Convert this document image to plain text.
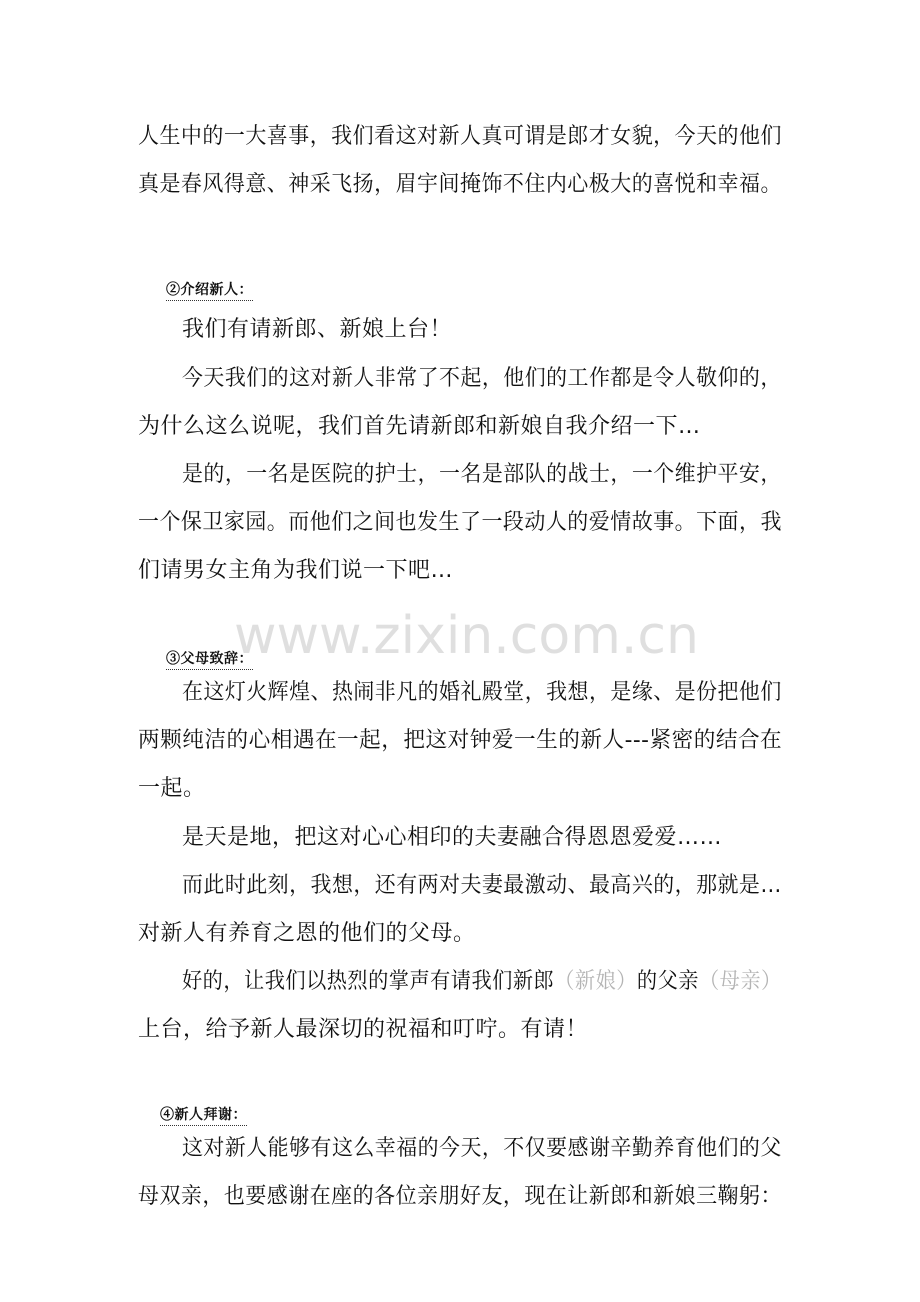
人生中的一大喜事，我们看这对新人真可谓是郎才女貌，今天的他们
真是春风得意、神采飞扬，眉宇间掩饰不住内心极大的喜悦和幸福。
②介绍新人：
我们有请新郎、新娘上台！
今天我们的这对新人非常了不起，他们的工作都是令人敬仰的，
为什么这么说呢，我们首先请新郎和新娘自我介绍一下…
是的，一名是医院的护士，一名是部队的战士，一个维护平安，
一个保卫家园。而他们之间也发生了一段动人的爱情故事。下面，我
们请男女主角为我们说一下吧…
www.zixin.com.cn
③父母致辞：
在这灯火辉煌、热闹非凡的婚礼殿堂，我想，是缘、是份把他们
两颗纯洁的心相遇在一起，把这对钟爱一生的新人---紧密的结合在
一起。
是天是地，把这对心心相印的夫妻融合得恩恩爱爱……
而此时此刻，我想，还有两对夫妻最激动、最高兴的，那就是…
对新人有养育之恩的他们的父母。
好的，让我们以热烈的掌声有请我们新郎（新娘）的父亲（母亲）
上台，给予新人最深切的祝福和叮咛。有请！
④新人拜谢：
这对新人能够有这么幸福的今天，不仅要感谢辛勤养育他们的父
母双亲，也要感谢在座的各位亲朋好友，现在让新郎和新娘三鞠躬：
